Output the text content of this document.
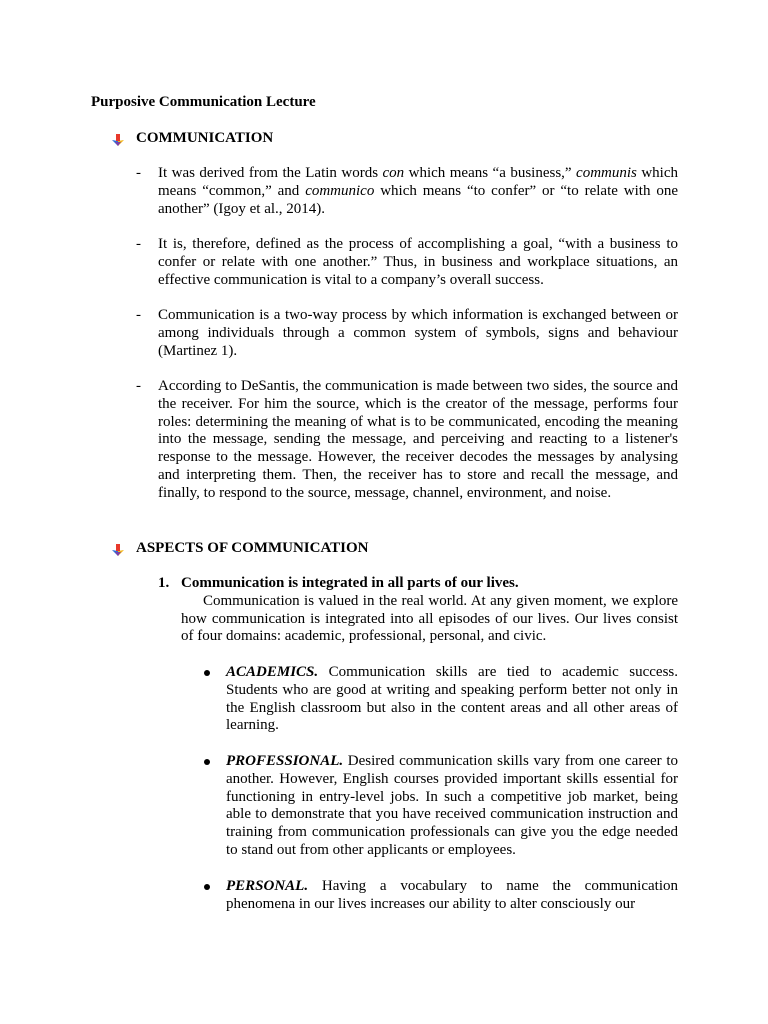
Purposive Communication Lecture
COMMUNICATION
- It was derived from the Latin words con which means “a business,” communis which means “common,” and communico which means “to confer” or “to relate with one another” (Igoy et al., 2014).
- It is, therefore, defined as the process of accomplishing a goal, “with a business to confer or relate with one another.” Thus, in business and workplace situations, an effective communication is vital to a company’s overall success.
- Communication is a two-way process by which information is exchanged between or among individuals through a common system of symbols, signs and behaviour (Martinez 1).
- According to DeSantis, the communication is made between two sides, the source and the receiver. For him the source, which is the creator of the message, performs four roles: determining the meaning of what is to be communicated, encoding the meaning into the message, sending the message, and perceiving and reacting to a listener's response to the message. However, the receiver decodes the messages by analysing and interpreting them. Then, the receiver has to store and recall the message, and finally, to respond to the source, message, channel, environment, and noise.
ASPECTS OF COMMUNICATION
1. Communication is integrated in all parts of our lives.
Communication is valued in the real world. At any given moment, we explore how communication is integrated into all episodes of our lives. Our lives consist of four domains: academic, professional, personal, and civic.
ACADEMICS. Communication skills are tied to academic success. Students who are good at writing and speaking perform better not only in the English classroom but also in the content areas and all other areas of learning.
PROFESSIONAL. Desired communication skills vary from one career to another. However, English courses provided important skills essential for functioning in entry-level jobs. In such a competitive job market, being able to demonstrate that you have received communication instruction and training from communication professionals can give you the edge needed to stand out from other applicants or employees.
PERSONAL. Having a vocabulary to name the communication phenomena in our lives increases our ability to alter consciously our
